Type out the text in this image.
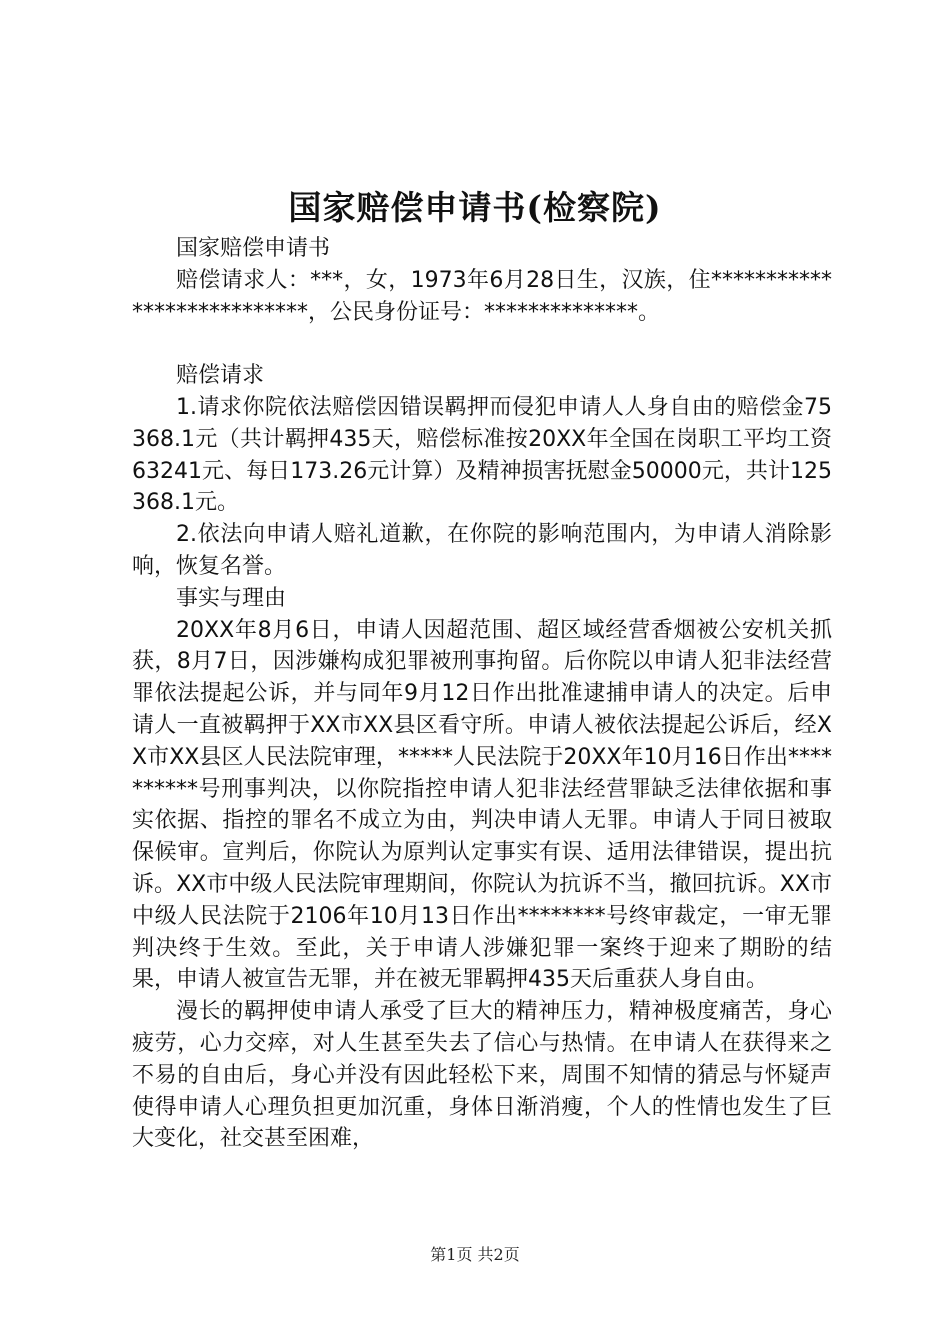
国家赔偿申请书(检察院)

国家赔偿申请书

赔偿请求人：***，女，1973年6月28日生，汉族，住***************************，公民身份证号：**************。

赔偿请求

1.请求你院依法赔偿因错误羁押而侵犯申请人人身自由的赔偿金75368.1元（共计羁押435天，赔偿标准按20XX年全国在岗职工平均工资63241元、每日173.26元计算）及精神损害抚慰金50000元，共计125368.1元。

2.依法向申请人赔礼道歉，在你院的影响范围内，为申请人消除影响，恢复名誉。

事实与理由

20XX年8月6日，申请人因超范围、超区域经营香烟被公安机关抓获，8月7日，因涉嫌构成犯罪被刑事拘留。后你院以申请人犯非法经营罪依法提起公诉，并与同年9月12日作出批准逮捕申请人的决定。后申请人一直被羁押于XX市XX县区看守所。申请人被依法提起公诉后，经XX市XX县区人民法院审理，*****人民法院于20XX年10月16日作出**********号刑事判决，以你院指控申请人犯非法经营罪缺乏法律依据和事实依据、指控的罪名不成立为由，判决申请人无罪。申请人于同日被取保候审。宣判后，你院认为原判认定事实有误、适用法律错误，提出抗诉。XX市中级人民法院审理期间，你院认为抗诉不当，撤回抗诉。XX市中级人民法院于2106年10月13日作出********号终审裁定，一审无罪判决终于生效。至此，关于申请人涉嫌犯罪一案终于迎来了期盼的结果，申请人被宣告无罪，并在被无罪羁押435天后重获人身自由。

漫长的羁押使申请人承受了巨大的精神压力，精神极度痛苦，身心疲劳，心力交瘁，对人生甚至失去了信心与热情。在申请人在获得来之不易的自由后，身心并没有因此轻松下来，周围不知情的猜忌与怀疑声使得申请人心理负担更加沉重，身体日渐消瘦，个人的性情也发生了巨大变化，社交甚至困难，

第1页 共2页
